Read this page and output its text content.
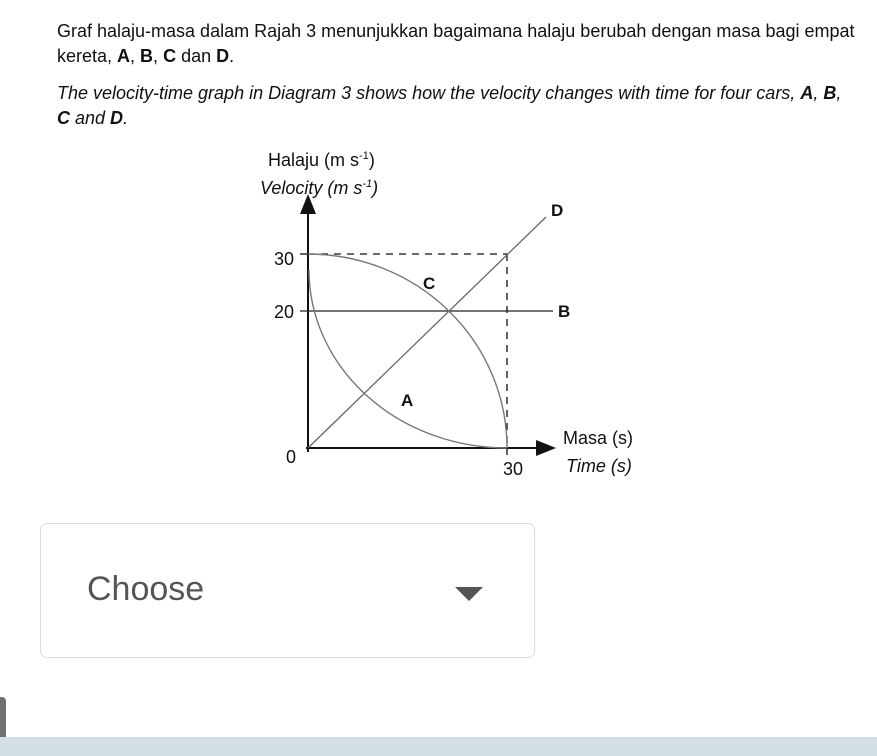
Graf halaju-masa dalam Rajah 3 menunjukkan bagaimana halaju berubah dengan masa bagi empat kereta, A, B, C dan D.
The velocity-time graph in Diagram 3 shows how the velocity changes with time for four cars, A, B, C and D.
Halaju (m $s^{-1}$)
Velocity (m $s^{-1}$)
30
20
0
30
D
C
B
A
Masa (s)
Time (s)
Choose
